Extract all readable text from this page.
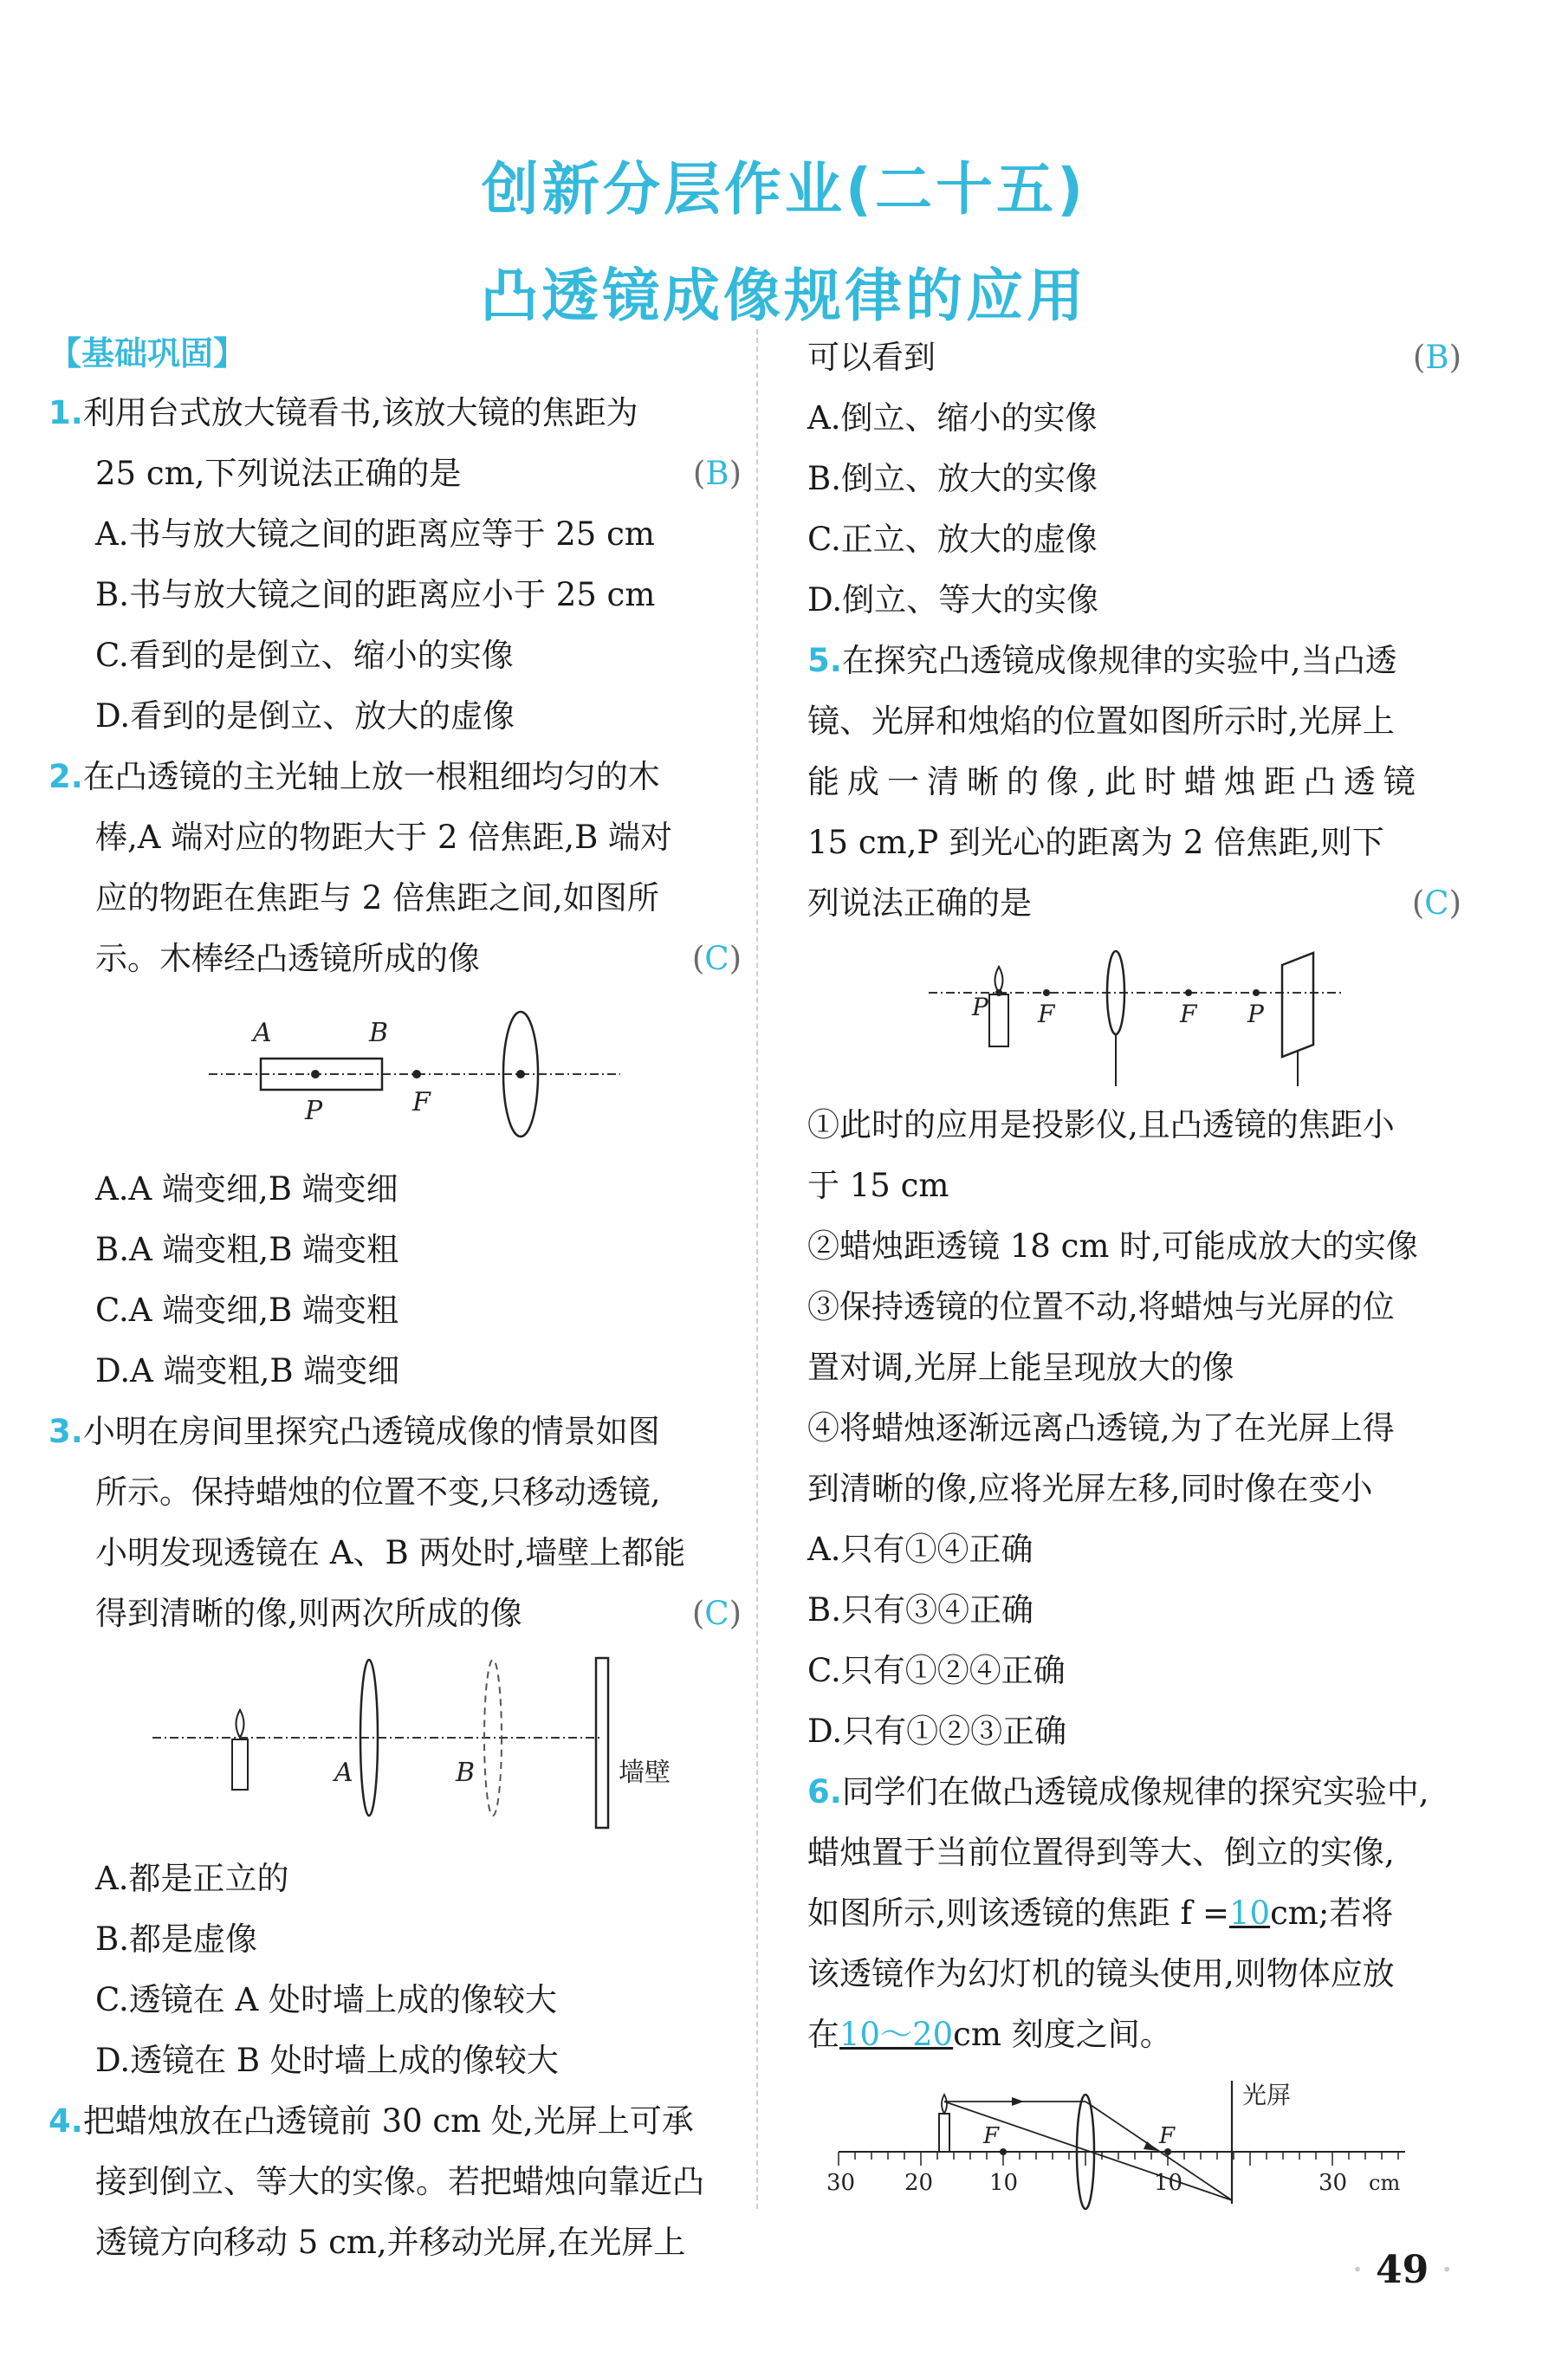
创新分层作业(二十五)
凸透镜成像规律的应用
【基础巩固】
1.利用台式放大镜看书,该放大镜的焦距为
25 cm,下列说法正确的是	(B)
A.书与放大镜之间的距离应等于 25 cm
B.书与放大镜之间的距离应小于 25 cm
C.看到的是倒立、缩小的实像
D.看到的是倒立、放大的虚像
2.在凸透镜的主光轴上放一根粗细均匀的木
棒,A 端对应的物距大于 2 倍焦距,B 端对
应的物距在焦距与 2 倍焦距之间,如图所
示。木棒经凸透镜所成的像	(C)
A	B
P	F
A.A 端变细,B 端变细
B.A 端变粗,B 端变粗
C.A 端变细,B 端变粗
D.A 端变粗,B 端变细
3.小明在房间里探究凸透镜成像的情景如图
所示。保持蜡烛的位置不变,只移动透镜,
小明发现透镜在 A、B 两处时,墙壁上都能
得到清晰的像,则两次所成的像	(C)
A	B	墙壁
A.都是正立的
B.都是虚像
C.透镜在 A 处时墙上成的像较大
D.透镜在 B 处时墙上成的像较大
4.把蜡烛放在凸透镜前 30 cm 处,光屏上可承
接到倒立、等大的实像。若把蜡烛向靠近凸
透镜方向移动 5 cm,并移动光屏,在光屏上
可以看到	(B)
A.倒立、缩小的实像
B.倒立、放大的实像
C.正立、放大的虚像
D.倒立、等大的实像
5.在探究凸透镜成像规律的实验中,当凸透
镜、光屏和烛焰的位置如图所示时,光屏上
能成一清晰的像,此时蜡烛距凸透镜
15 cm,P 到光心的距离为 2 倍焦距,则下
列说法正确的是	(C)
P F	F P
①此时的应用是投影仪,且凸透镜的焦距小
于 15 cm
②蜡烛距透镜 18 cm 时,可能成放大的实像
③保持透镜的位置不动,将蜡烛与光屏的位
置对调,光屏上能呈现放大的像
④将蜡烛逐渐远离凸透镜,为了在光屏上得
到清晰的像,应将光屏左移,同时像在变小
A.只有①④正确
B.只有③④正确
C.只有①②④正确
D.只有①②③正确
6.同学们在做凸透镜成像规律的探究实验中,
蜡烛置于当前位置得到等大、倒立的实像,
如图所示,则该透镜的焦距 f =10cm;若将
该透镜作为幻灯机的镜头使用,则物体应放
在10～20cm 刻度之间。
F	F
光屏
30 20 10	10	30 cm
· 49 ·
